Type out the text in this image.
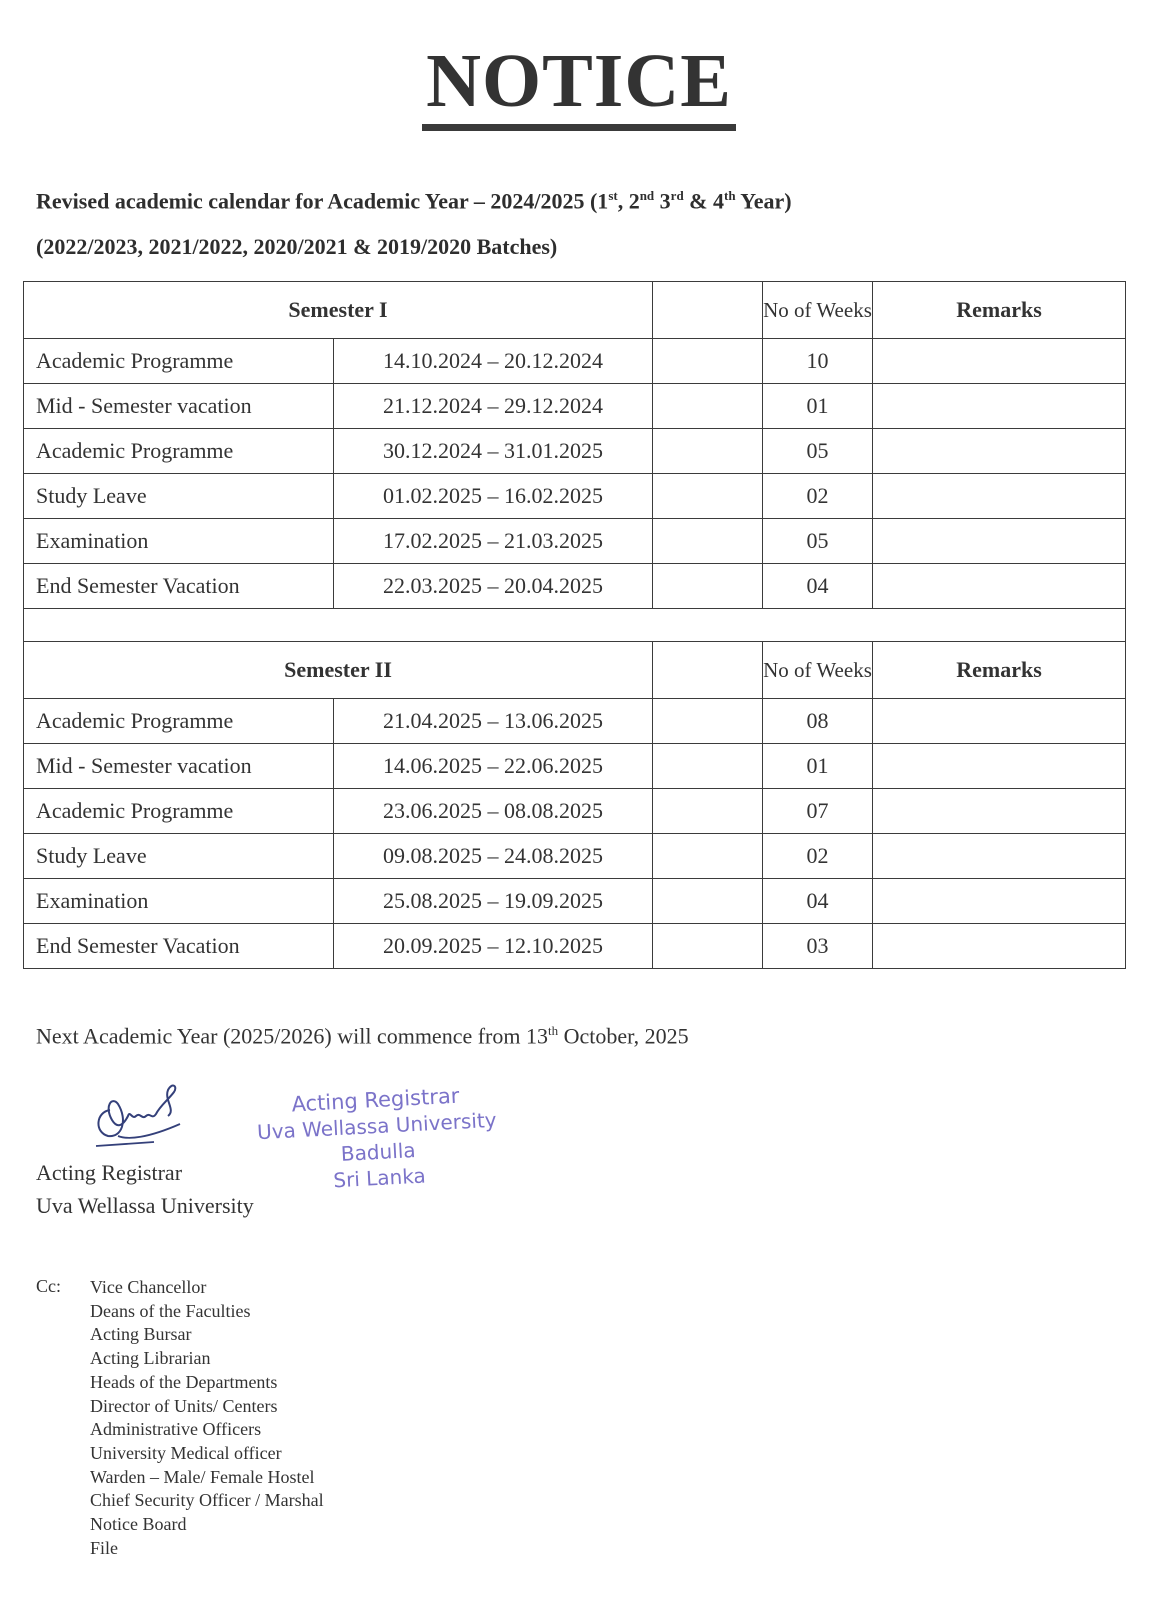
NOTICE
Revised academic calendar for Academic Year – 2024/2025 (1st, 2nd 3rd & 4th Year)
(2022/2023, 2021/2022, 2020/2021 & 2019/2020 Batches)
Semester I			No of Weeks	Remarks
Academic Programme	14.10.2024 – 20.12.2024		10	
Mid - Semester vacation	21.12.2024 – 29.12.2024		01	
Academic Programme	30.12.2024 – 31.01.2025		05	
Study Leave	01.02.2025 – 16.02.2025		02	
Examination	17.02.2025 – 21.03.2025		05	
End Semester Vacation	22.03.2025 – 20.04.2025		04	

Semester II			No of Weeks	Remarks
Academic Programme	21.04.2025 – 13.06.2025		08	
Mid - Semester vacation	14.06.2025 – 22.06.2025		01	
Academic Programme	23.06.2025 – 08.08.2025		07	
Study Leave	09.08.2025 – 24.08.2025		02	
Examination	25.08.2025 – 19.09.2025		04	
End Semester Vacation	20.09.2025 – 12.10.2025		03	
Next Academic Year (2025/2026) will commence from 13th October, 2025
Acting Registrar
Uva Wellassa University
Acting Registrar
Uva Wellassa University
Badulla
Sri Lanka
Cc: Vice Chancellor
Deans of the Faculties
Acting Bursar
Acting Librarian
Heads of the Departments
Director of Units/ Centers
Administrative Officers
University Medical officer
Warden – Male/ Female Hostel
Chief Security Officer / Marshal
Notice Board
File
